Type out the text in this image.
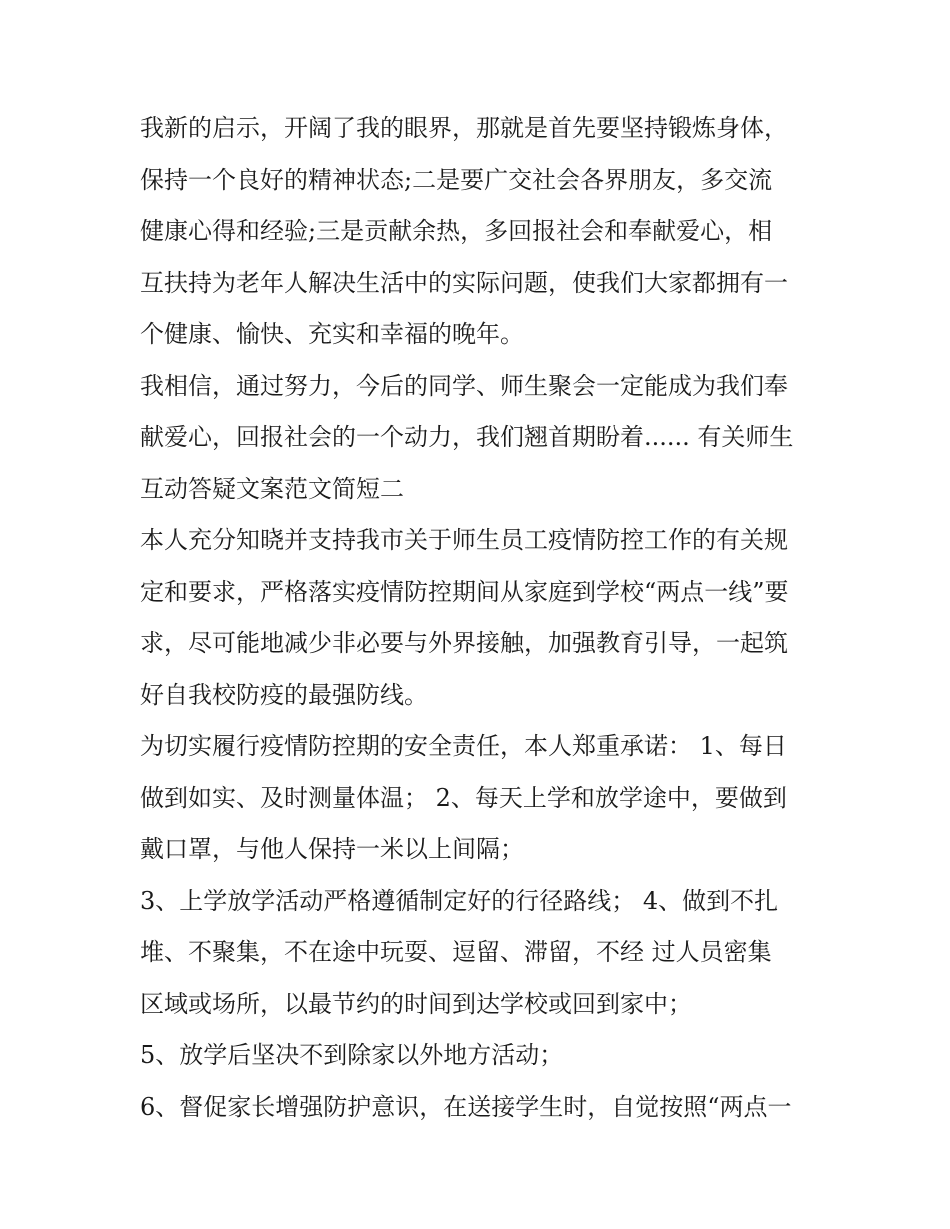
我新的启示，开阔了我的眼界，那就是首先要坚持锻炼身体，
保持一个良好的精神状态;二是要广交社会各界朋友，多交流
健康心得和经验;三是贡献余热，多回报社会和奉献爱心，相
互扶持为老年人解决生活中的实际问题，使我们大家都拥有一
个健康、愉快、充实和幸福的晚年。
我相信，通过努力，今后的同学、师生聚会一定能成为我们奉
献爱心，回报社会的一个动力，我们翘首期盼着...... 有关师生
互动答疑文案范文简短二
本人充分知晓并支持我市关于师生员工疫情防控工作的有关规
定和要求，严格落实疫情防控期间从家庭到学校“两点一线”要
求，尽可能地减少非必要与外界接触，加强教育引导，一起筑
好自我校防疫的最强防线。
为切实履行疫情防控期的安全责任，本人郑重承诺： 1、每日
做到如实、及时测量体温； 2、每天上学和放学途中，要做到
戴口罩，与他人保持一米以上间隔；
3、上学放学活动严格遵循制定好的行径路线； 4、做到不扎
堆、不聚集，不在途中玩耍、逗留、滞留，不经 过人员密集
区域或场所，以最节约的时间到达学校或回到家中；
5、放学后坚决不到除家以外地方活动；
6、督促家长增强防护意识，在送接学生时，自觉按照“两点一
